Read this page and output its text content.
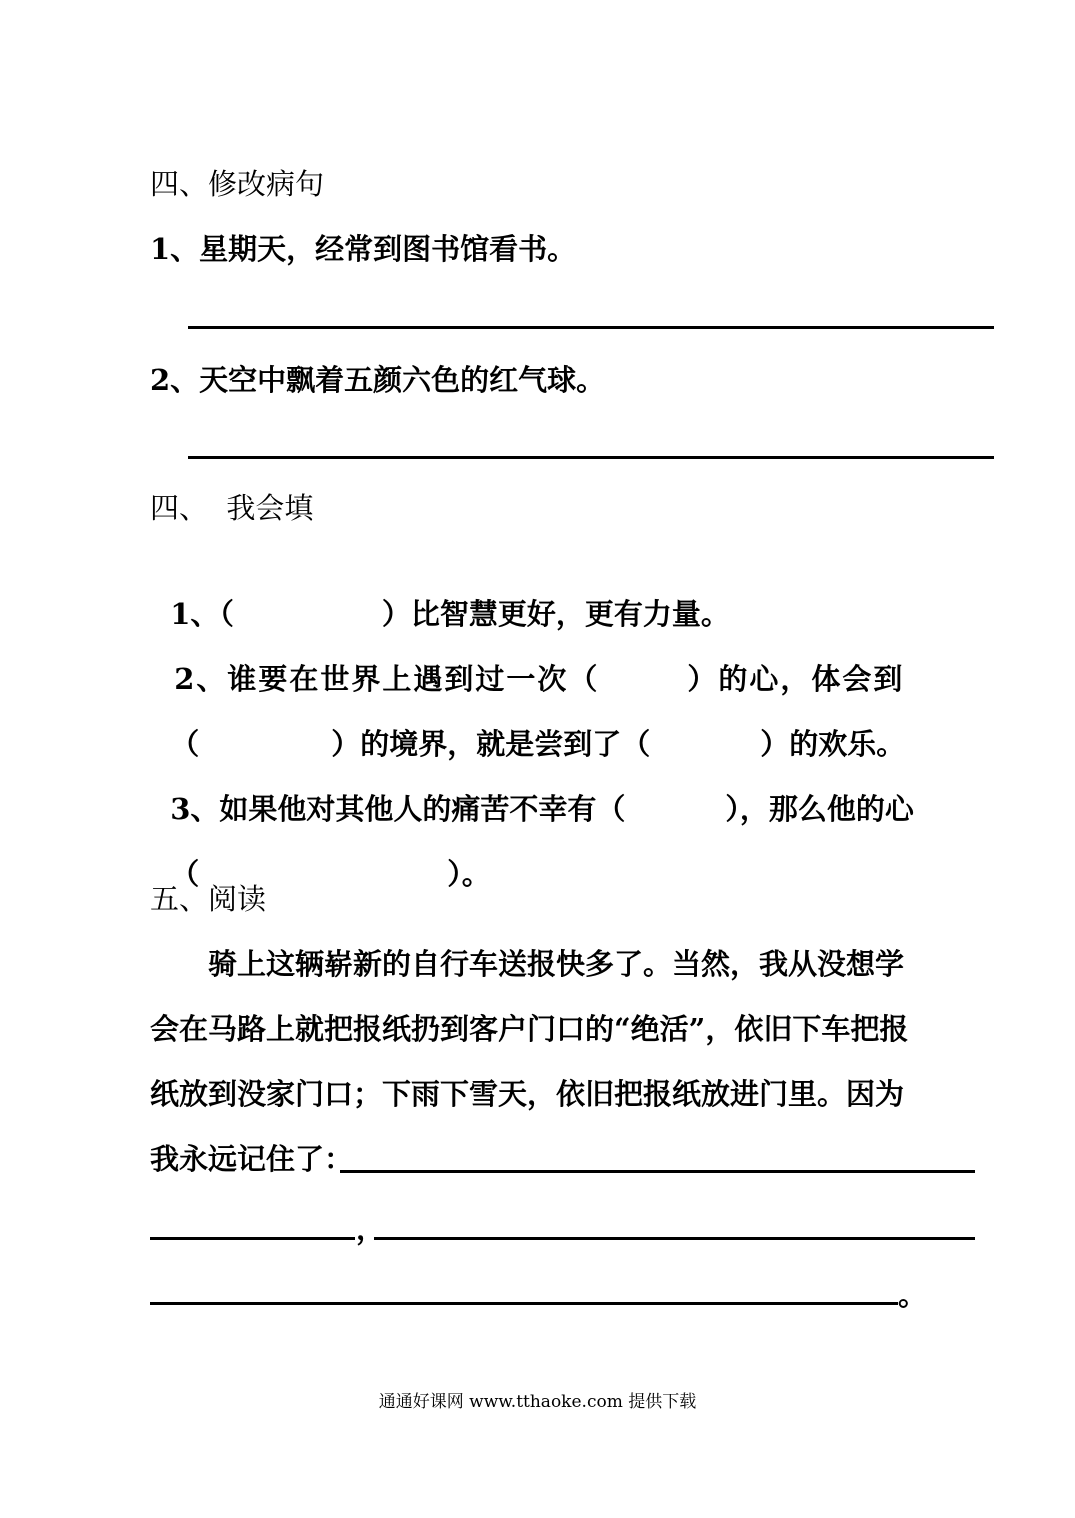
四、修改病句
1、星期天，经常到图书馆看书。
2、天空中飘着五颜六色的红气球。
四、  我会填

1、（	）比智慧更好，更有力量。

2、谁要在世界上遇到过一次（	）的心，体会到

（	）的境界，就是尝到了（	）的欢乐。

3、如果他对其他人的痛苦不幸有（	），那么他的心

（	）。

五、阅读
骑上这辆崭新的自行车送报快多了。当然，我从没想学
会在马路上就把报纸扔到客户门口的“绝活”，依旧下车把报
纸放到没家门口；下雨下雪天，依旧把报纸放进门里。因为
我永远记住了：
，
。
通通好课网 www.tthaoke.com 提供下载
